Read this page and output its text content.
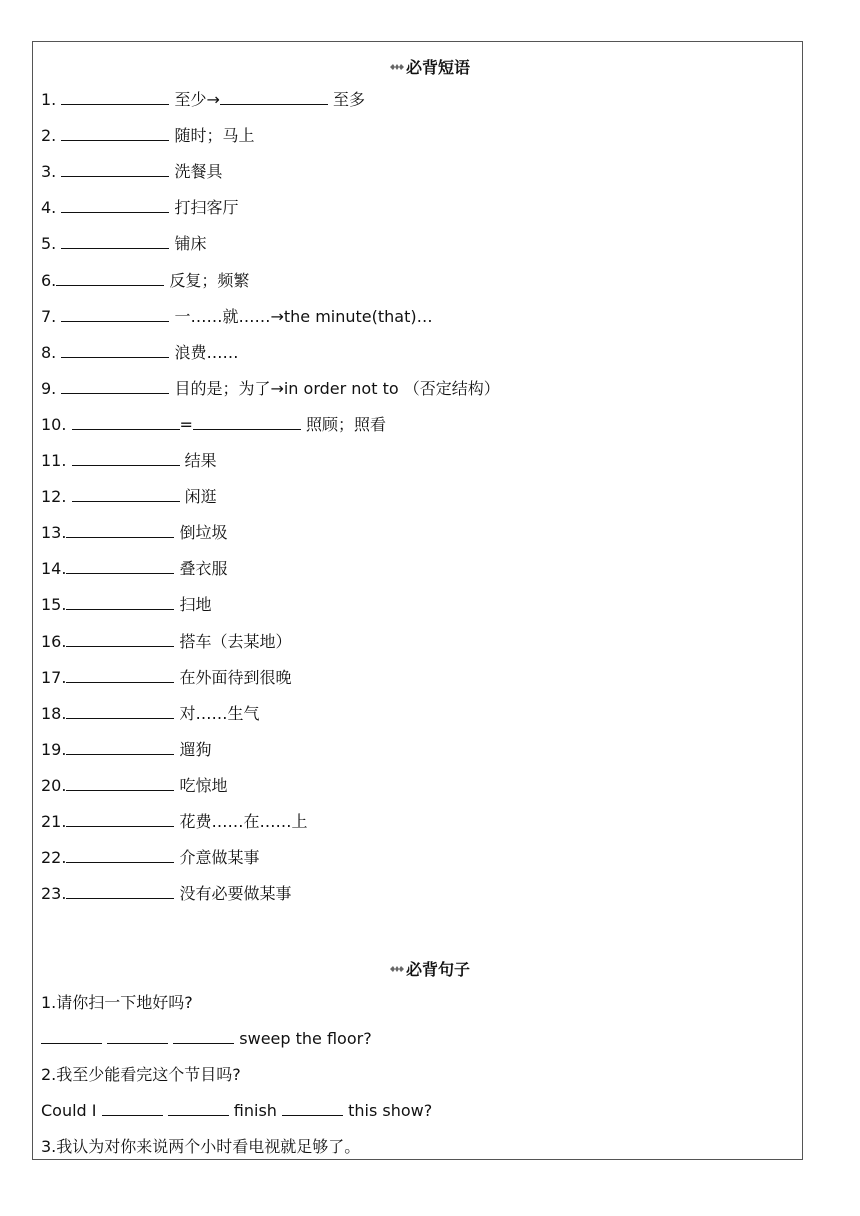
必背短语
1.	至少→	至多
2.	随时；马上
3.	洗餐具
4.	打扫客厅
5.	铺床
6.	反复；频繁
7.	一……就……→the minute(that)…
8.	浪费……
9.	目的是；为了→in order not to （否定结构）
10.	=	照顾；照看
11.	结果
12.	闲逛
13.	倒垃圾
14.	叠衣服
15.	扫地
16.	搭车（去某地）
17.	在外面待到很晚
18.	对……生气
19.	遛狗
20.	吃惊地
21.	花费……在……上
22.	介意做某事
23.	没有必要做某事
必背句子
1.请你扫一下地好吗?
sweep the floor?
2.我至少能看完这个节目吗?
Could I	finish	this show?
3.我认为对你来说两个小时看电视就足够了。
